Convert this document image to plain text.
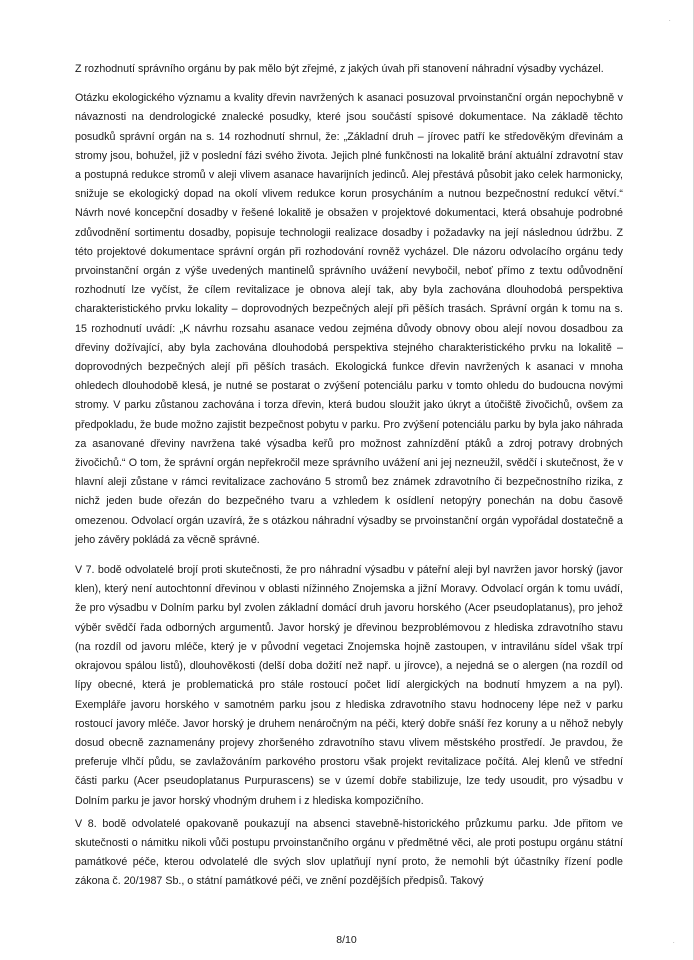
·

Z rozhodnutí správního orgánu by pak mělo být zřejmé, z jakých úvah při stanovení náhradní výsadby vycházel.

Otázku ekologického významu a kvality dřevin navržených k asanaci posuzoval prvoinstanční orgán nepochybně v návaznosti na dendrologické znalecké posudky, které jsou součástí spisové dokumentace. Na základě těchto posudků správní orgán na s. 14 rozhodnutí shrnul, že: „Základní druh – jírovec patří ke středověkým dřevinám a stromy jsou, bohužel, již v poslední fázi svého života. Jejich plné funkčnosti na lokalitě brání aktuální zdravotní stav a postupná redukce stromů v aleji vlivem asanace havarijních jedinců. Alej přestává působit jako celek harmonicky, snižuje se ekologický dopad na okolí vlivem redukce korun prosycháním a nutnou bezpečnostní redukcí větví.“ Návrh nové koncepční dosadby v řešené lokalitě je obsažen v projektové dokumentaci, která obsahuje podrobné zdůvodnění sortimentu dosadby, popisuje technologii realizace dosadby i požadavky na její následnou údržbu. Z této projektové dokumentace správní orgán při rozhodování rovněž vycházel. Dle názoru odvolacího orgánu tedy prvoinstanční orgán z výše uvedených mantinelů správního uvážení nevybočil, neboť přímo z textu odůvodnění rozhodnutí lze vyčíst, že cílem revitalizace je obnova alejí tak, aby byla zachována dlouhodobá perspektiva charakteristického prvku lokality – doprovodných bezpečných alejí při pěších trasách. Správní orgán k tomu na s. 15 rozhodnutí uvádí: „K návrhu rozsahu asanace vedou zejména důvody obnovy obou alejí novou dosadbou za dřeviny dožívající, aby byla zachována dlouhodobá perspektiva stejného charakteristického prvku na lokalitě – doprovodných bezpečných alejí při pěších trasách. Ekologická funkce dřevin navržených k asanaci v mnoha ohledech dlouhodobě klesá, je nutné se postarat o zvýšení potenciálu parku v tomto ohledu do budoucna novými stromy. V parku zůstanou zachována i torza dřevin, která budou sloužit jako úkryt a útočiště živočichů, ovšem za předpokladu, že bude možno zajistit bezpečnost pobytu v parku. Pro zvýšení potenciálu parku by byla jako náhrada za asanované dřeviny navržena také výsadba keřů pro možnost zahnízdění ptáků a zdroj potravy drobných živočichů.“ O tom, že správní orgán nepřekročil meze správního uvážení ani jej nezneužil, svědčí i skutečnost, že v hlavní aleji zůstane v rámci revitalizace zachováno 5 stromů bez známek zdravotního či bezpečnostního rizika, z nichž jeden bude ořezán do bezpečného tvaru a vzhledem k osídlení netopýry ponechán na dobu časově omezenou. Odvolací orgán uzavírá, že s otázkou náhradní výsadby se prvoinstanční orgán vypořádal dostatečně a jeho závěry pokládá za věcně správné.

V 7. bodě odvolatelé brojí proti skutečnosti, že pro náhradní výsadbu v páteřní aleji byl navržen javor horský (javor klen), který není autochtonní dřevinou v oblasti nížinného Znojemska a jižní Moravy. Odvolací orgán k tomu uvádí, že pro výsadbu v Dolním parku byl zvolen základní domácí druh javoru horského (Acer pseudoplatanus), pro jehož výběr svědčí řada odborných argumentů. Javor horský je dřevinou bezproblémovou z hlediska zdravotního stavu (na rozdíl od javoru mléče, který je v původní vegetaci Znojemska hojně zastoupen, v intravilánu sídel však trpí okrajovou spálou listů), dlouhověkosti (delší doba dožití než např. u jírovce), a nejedná se o alergen (na rozdíl od lípy obecné, která je problematická pro stále rostoucí počet lidí alergických na bodnutí hmyzem a na pyl). Exempláře javoru horského v samotném parku jsou z hlediska zdravotního stavu hodnoceny lépe než v parku rostoucí javory mléče. Javor horský je druhem nenáročným na péči, který dobře snáší řez koruny a u něhož nebyly dosud obecně zaznamenány projevy zhoršeného zdravotního stavu vlivem městského prostředí. Je pravdou, že preferuje vlhčí půdu, se zavlažováním parkového prostoru však projekt revitalizace počítá. Alej klenů ve střední části parku (Acer pseudoplatanus Purpurascens) se v území dobře stabilizuje, lze tedy usoudit, pro výsadbu v Dolním parku je javor horský vhodným druhem i z hlediska kompozičního.

V 8. bodě odvolatelé opakovaně poukazují na absenci stavebně-historického průzkumu parku. Jde přitom ve skutečnosti o námitku nikoli vůči postupu prvoinstančního orgánu v předmětné věci, ale proti postupu orgánu státní památkové péče, kterou odvolatelé dle svých slov uplatňují nyní proto, že nemohli být účastníky řízení podle zákona č. 20/1987 Sb., o státní památkové péči, ve znění pozdějších předpisů. Takový

8/10	·
